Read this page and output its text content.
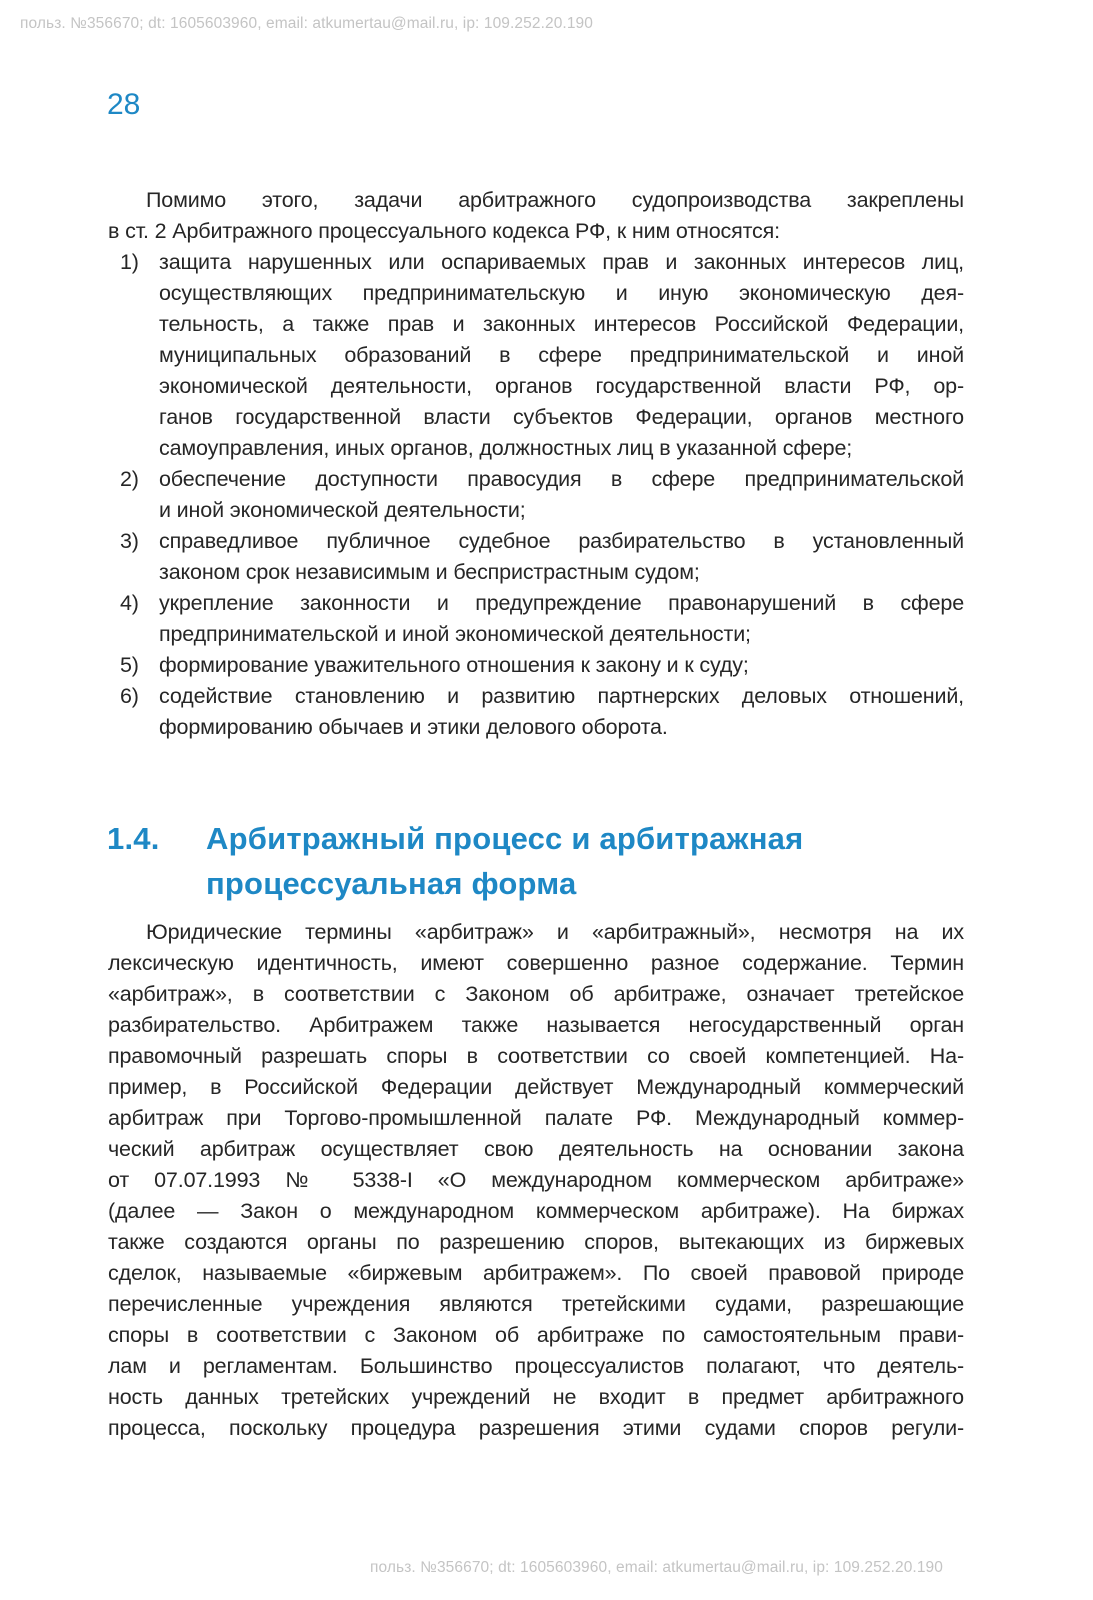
польз. №356670; dt: 1605603960, email: atkumertau@mail.ru, ip: 109.252.20.190
28
Помимо этого, задачи арбитражного судопроизводства закреплены
в ст. 2 Арбитражного процессуального кодекса РФ, к ним относятся:
1) защита нарушенных или оспариваемых прав и законных интересов лиц,
осуществляющих предпринимательскую и иную экономическую дея-
тельность, а также прав и законных интересов Российской Федерации,
муниципальных образований в сфере предпринимательской и иной
экономической деятельности, органов государственной власти РФ, ор-
ганов государственной власти субъектов Федерации, органов местного
самоуправления, иных органов, должностных лиц в указанной сфере;
2) обеспечение доступности правосудия в сфере предпринимательской
и иной экономической деятельности;
3) справедливое публичное судебное разбирательство в установленный
законом срок независимым и беспристрастным судом;
4) укрепление законности и предупреждение правонарушений в сфере
предпринимательской и иной экономической деятельности;
5) формирование уважительного отношения к закону и к суду;
6) содействие становлению и развитию партнерских деловых отношений,
формированию обычаев и этики делового оборота.
1.4. Арбитражный процесс и арбитражная
процессуальная форма
Юридические термины «арбитраж» и «арбитражный», несмотря на их
лексическую идентичность, имеют совершенно разное содержание. Термин
«арбитраж», в соответствии с Законом об арбитраже, означает третейское
разбирательство. Арбитражем также называется негосударственный орган
правомочный разрешать споры в соответствии со своей компетенцией. На-
пример, в Российской Федерации действует Международный коммерческий
арбитраж при Торгово-промышленной палате РФ. Международный коммер-
ческий арбитраж осуществляет свою деятельность на основании закона
от 07.07.1993 № 5338-I «О международном коммерческом арбитраже»
(далее — Закон о международном коммерческом арбитраже). На биржах
также создаются органы по разрешению споров, вытекающих из биржевых
сделок, называемые «биржевым арбитражем». По своей правовой природе
перечисленные учреждения являются третейскими судами, разрешающие
споры в соответствии с Законом об арбитраже по самостоятельным прави-
лам и регламентам. Большинство процессуалистов полагают, что деятель-
ность данных третейских учреждений не входит в предмет арбитражного
процесса, поскольку процедура разрешения этими судами споров регули-
польз. №356670; dt: 1605603960, email: atkumertau@mail.ru, ip: 109.252.20.190
